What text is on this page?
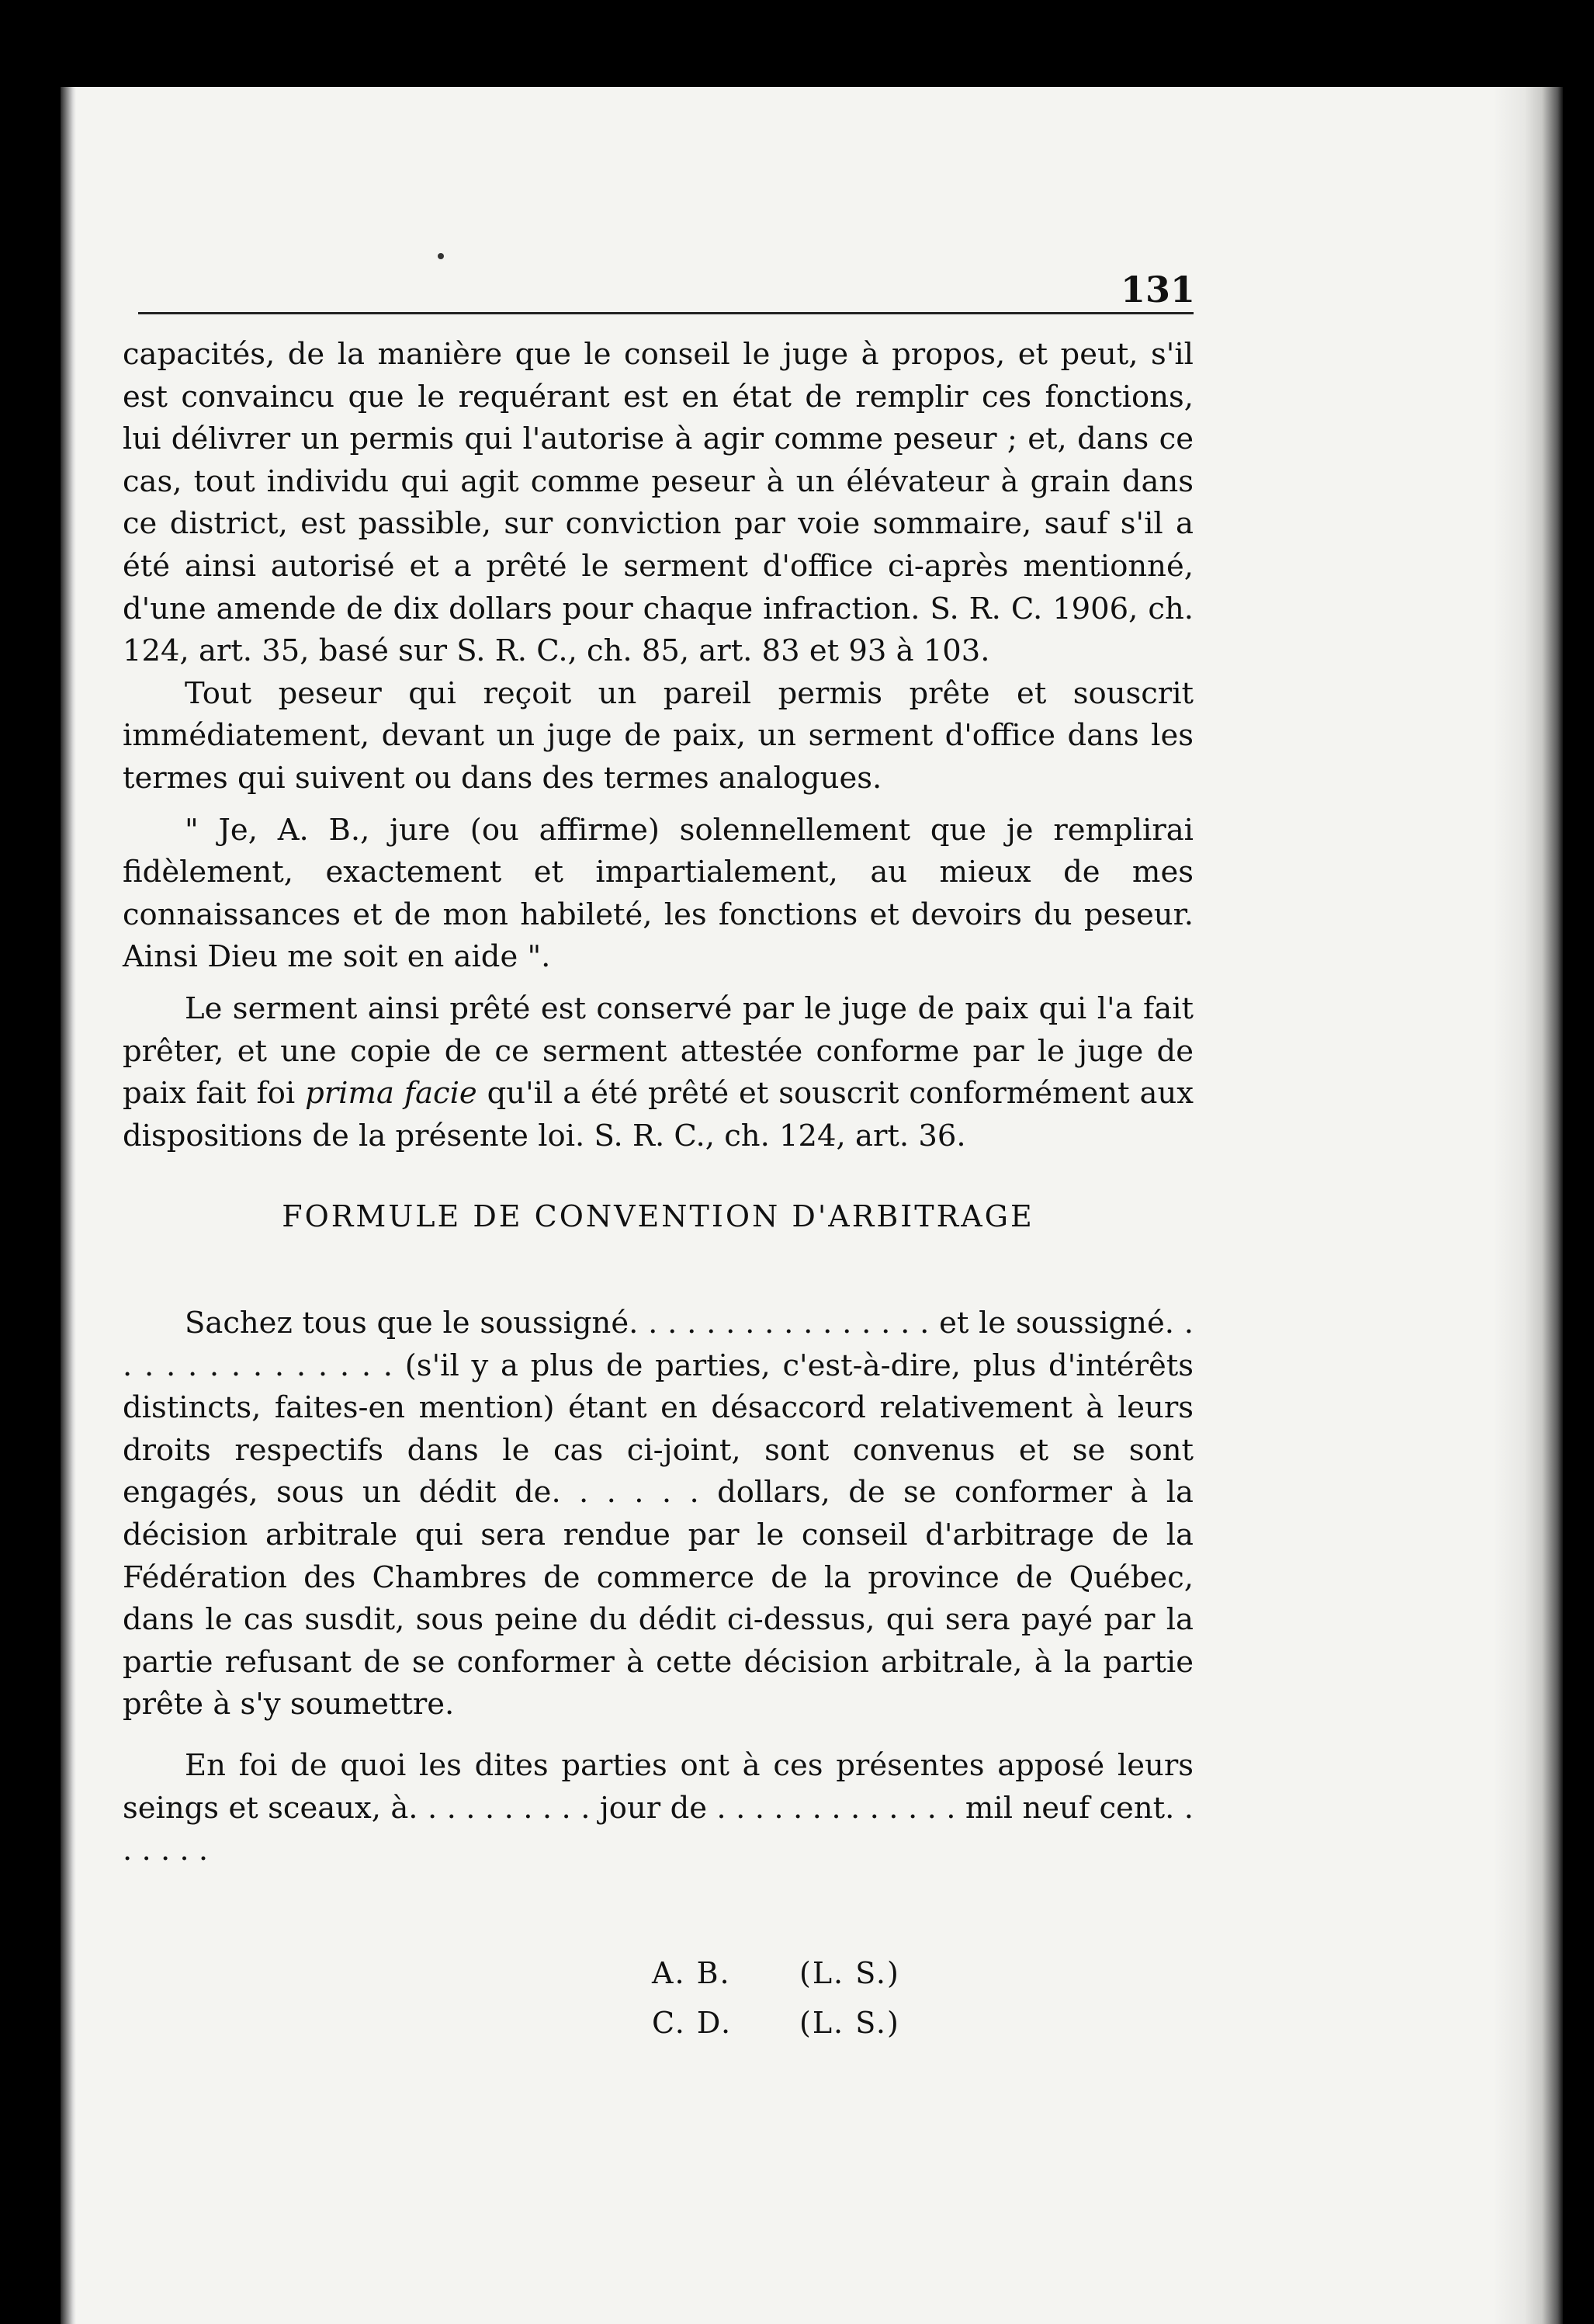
131

capacités, de la manière que le conseil le juge à propos, et peut, s'il est convaincu que le requérant est en état de remplir ces fonctions, lui délivrer un permis qui l'autorise à agir comme peseur ; et, dans ce cas, tout individu qui agit comme peseur à un élévateur à grain dans ce district, est passible, sur conviction par voie sommaire, sauf s'il a été ainsi autorisé et a prêté le serment d'office ci-après mentionné, d'une amende de dix dollars pour chaque infraction. S. R. C. 1906, ch. 124, art. 35, basé sur S. R. C., ch. 85, art. 83 et 93 à 103.

Tout peseur qui reçoit un pareil permis prête et souscrit immédiatement, devant un juge de paix, un serment d'office dans les termes qui suivent ou dans des termes analogues.

" Je, A. B., jure (ou affirme) solennellement que je remplirai fidèlement, exactement et impartialement, au mieux de mes connaissances et de mon habileté, les fonctions et devoirs du peseur. Ainsi Dieu me soit en aide ".

Le serment ainsi prêté est conservé par le juge de paix qui l'a fait prêter, et une copie de ce serment attestée conforme par le juge de paix fait foi prima facie qu'il a été prêté et souscrit conformément aux dispositions de la présente loi. S. R. C., ch. 124, art. 36.

FORMULE DE CONVENTION D'ARBITRAGE

Sachez tous que le soussigné. . . . . . . . . . . . . . . . et le soussigné. . . . . . . . . . . . . . . (s'il y a plus de parties, c'est-à-dire, plus d'intérêts distincts, faites-en mention) étant en désaccord relativement à leurs droits respectifs dans le cas ci-joint, sont convenus et se sont engagés, sous un dédit de. . . . . . dollars, de se conformer à la décision arbitrale qui sera rendue par le conseil d'arbitrage de la Fédération des Chambres de commerce de la province de Québec, dans le cas susdit, sous peine du dédit ci-dessus, qui sera payé par la partie refusant de se conformer à cette décision arbitrale, à la partie prête à s'y soumettre.

En foi de quoi les dites parties ont à ces présentes apposé leurs seings et sceaux, à. . . . . . . . . . jour de . . . . . . . . . . . . . mil neuf cent. . . . . . .

A. B. (L. S.)
C. D. (L. S.)
